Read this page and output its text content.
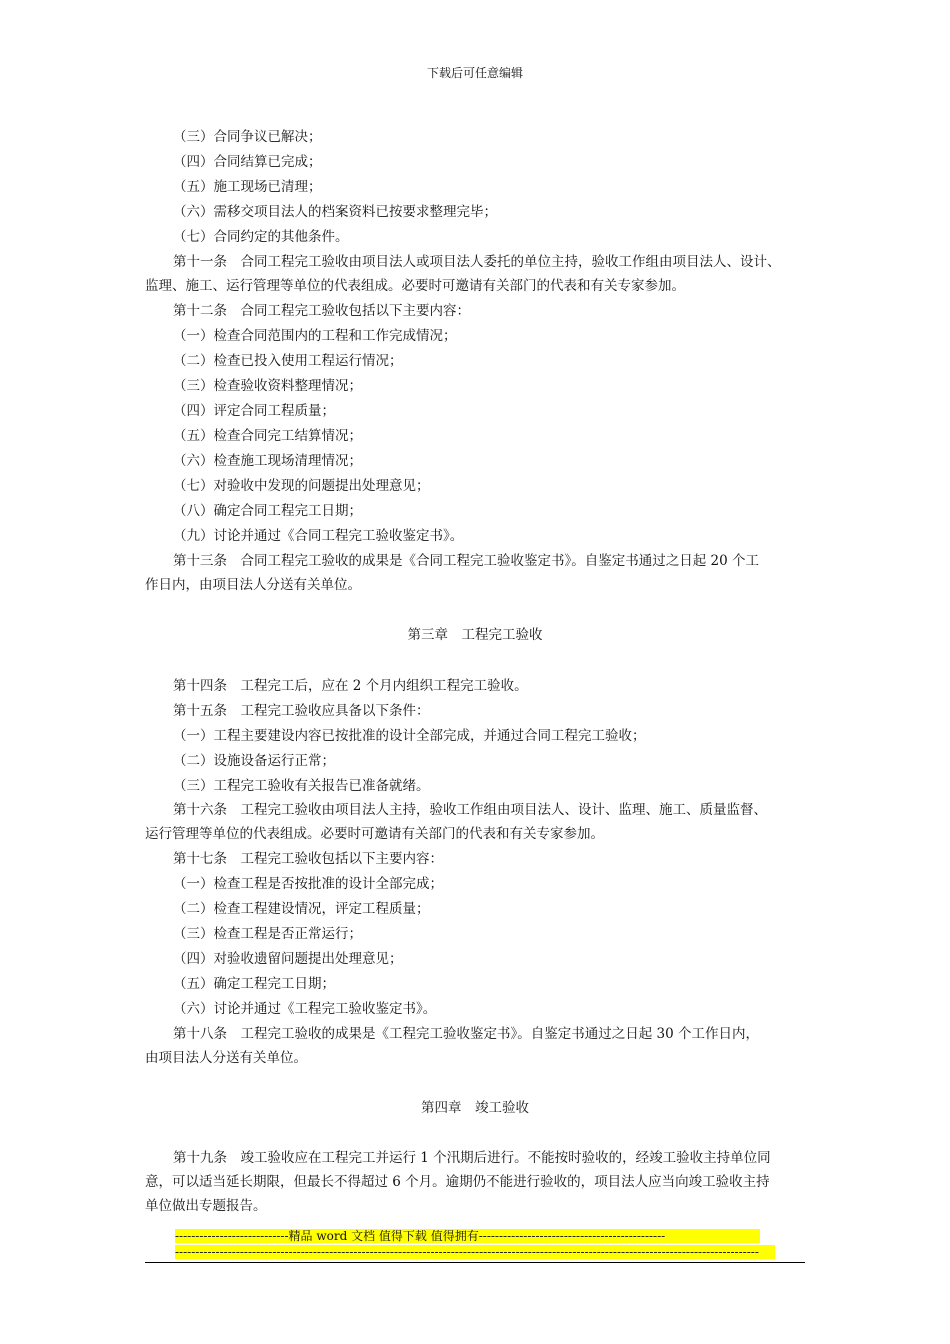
下载后可任意编辑
（三）合同争议已解决；
（四）合同结算已完成；
（五）施工现场已清理；
（六）需移交项目法人的档案资料已按要求整理完毕；
（七）合同约定的其他条件。
第十一条　合同工程完工验收由项目法人或项目法人委托的单位主持，验收工作组由项目法人、设计、
监理、施工、运行管理等单位的代表组成。必要时可邀请有关部门的代表和有关专家参加。
第十二条　合同工程完工验收包括以下主要内容：
（一）检查合同范围内的工程和工作完成情况；
（二）检查已投入使用工程运行情况；
（三）检查验收资料整理情况；
（四）评定合同工程质量；
（五）检查合同完工结算情况；
（六）检查施工现场清理情况；
（七）对验收中发现的问题提出处理意见；
（八）确定合同工程完工日期；
（九）讨论并通过《合同工程完工验收鉴定书》。
第十三条　合同工程完工验收的成果是《合同工程完工验收鉴定书》。自鉴定书通过之日起 20 个工
作日内，由项目法人分送有关单位。
第三章　工程完工验收
第十四条　工程完工后，应在 2 个月内组织工程完工验收。
第十五条　工程完工验收应具备以下条件：
（一）工程主要建设内容已按批准的设计全部完成，并通过合同工程完工验收；
（二）设施设备运行正常；
（三）工程完工验收有关报告已准备就绪。
第十六条　工程完工验收由项目法人主持，验收工作组由项目法人、设计、监理、施工、质量监督、
运行管理等单位的代表组成。必要时可邀请有关部门的代表和有关专家参加。
第十七条　工程完工验收包括以下主要内容：
（一）检查工程是否按批准的设计全部完成；
（二）检查工程建设情况，评定工程质量；
（三）检查工程是否正常运行；
（四）对验收遗留问题提出处理意见；
（五）确定工程完工日期；
（六）讨论并通过《工程完工验收鉴定书》。
第十八条　工程完工验收的成果是《工程完工验收鉴定书》。自鉴定书通过之日起 30 个工作日内，
由项目法人分送有关单位。
第四章　竣工验收
第十九条　竣工验收应在工程完工并运行 1 个汛期后进行。不能按时验收的，经竣工验收主持单位同
意，可以适当延长期限，但最长不得超过 6 个月。逾期仍不能进行验收的，项目法人应当向竣工验收主持
单位做出专题报告。
----------------------------精品 word 文档 值得下载 值得拥有----------------------------------------------
------------------------------------------------------------------------------------------------------------------------------------------------
